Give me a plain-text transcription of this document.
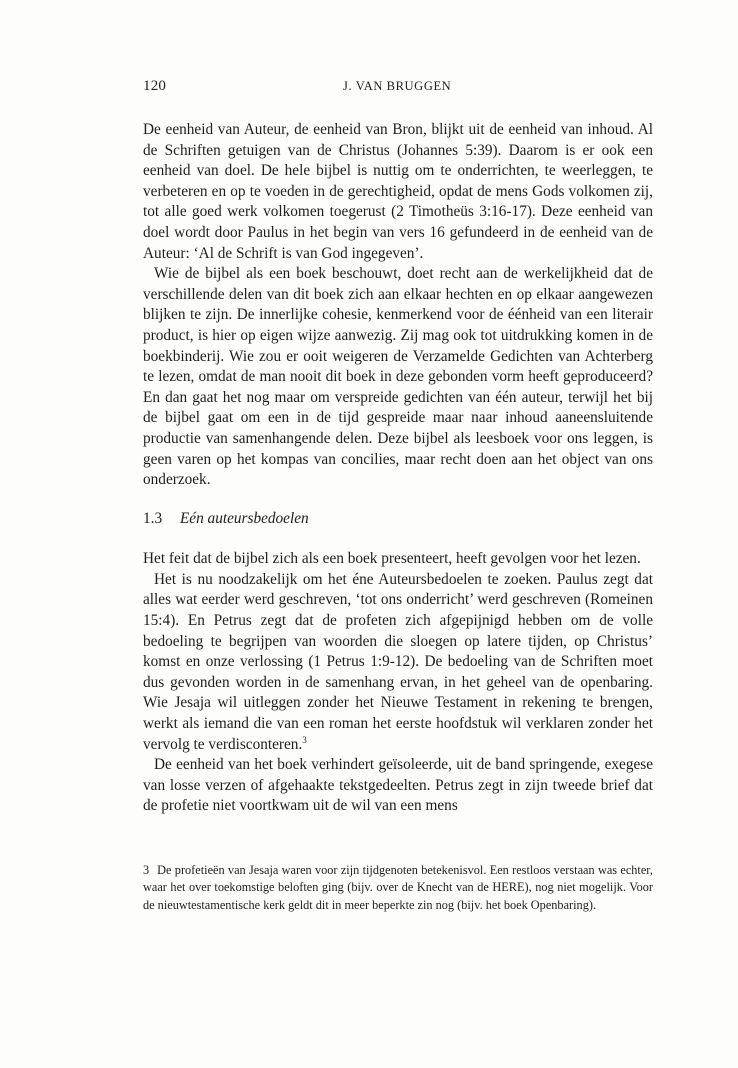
120	J. VAN BRUGGEN

De eenheid van Auteur, de eenheid van Bron, blijkt uit de eenheid van inhoud. Al de Schriften getuigen van de Christus (Johannes 5:39). Daarom is er ook een eenheid van doel. De hele bijbel is nuttig om te onderrichten, te weerleggen, te verbeteren en op te voeden in de gerechtigheid, opdat de mens Gods volkomen zij, tot alle goed werk volkomen toegerust (2 Timotheüs 3:16-17). Deze eenheid van doel wordt door Paulus in het begin van vers 16 gefundeerd in de eenheid van de Auteur: ‘Al de Schrift is van God ingegeven’.

Wie de bijbel als een boek beschouwt, doet recht aan de werkelijkheid dat de verschillende delen van dit boek zich aan elkaar hechten en op elkaar aangewezen blijken te zijn. De innerlijke cohesie, kenmerkend voor de éénheid van een literair product, is hier op eigen wijze aanwezig. Zij mag ook tot uitdrukking komen in de boekbinderij. Wie zou er ooit weigeren de Verzamelde Gedichten van Achterberg te lezen, omdat de man nooit dit boek in deze gebonden vorm heeft geproduceerd? En dan gaat het nog maar om verspreide gedichten van één auteur, terwijl het bij de bijbel gaat om een in de tijd gespreide maar naar inhoud aaneensluitende productie van samenhangende delen. Deze bijbel als leesboek voor ons leggen, is geen varen op het kompas van concilies, maar recht doen aan het object van ons onderzoek.

1.3 Eén auteursbedoelen

Het feit dat de bijbel zich als een boek presenteert, heeft gevolgen voor het lezen.

Het is nu noodzakelijk om het éne Auteursbedoelen te zoeken. Paulus zegt dat alles wat eerder werd geschreven, ‘tot ons onderricht’ werd geschreven (Romeinen 15:4). En Petrus zegt dat de profeten zich afgepijnigd hebben om de volle bedoeling te begrijpen van woorden die sloegen op latere tijden, op Christus’ komst en onze verlossing (1 Petrus 1:9-12). De bedoeling van de Schriften moet dus gevonden worden in de samenhang ervan, in het geheel van de openbaring. Wie Jesaja wil uitleggen zonder het Nieuwe Testament in rekening te brengen, werkt als iemand die van een roman het eerste hoofdstuk wil verklaren zonder het vervolg te verdisconteren.$^3$

De eenheid van het boek verhindert geïsoleerde, uit de band springende, exegese van losse verzen of afgehaakte tekstgedeelten. Petrus zegt in zijn tweede brief dat de profetie niet voortkwam uit de wil van een mens

3 De profetieën van Jesaja waren voor zijn tijdgenoten betekenisvol. Een restloos verstaan was echter, waar het over toekomstige beloften ging (bijv. over de Knecht van de HERE), nog niet mogelijk. Voor de nieuwtestamentische kerk geldt dit in meer beperkte zin nog (bijv. het boek Openbaring).
